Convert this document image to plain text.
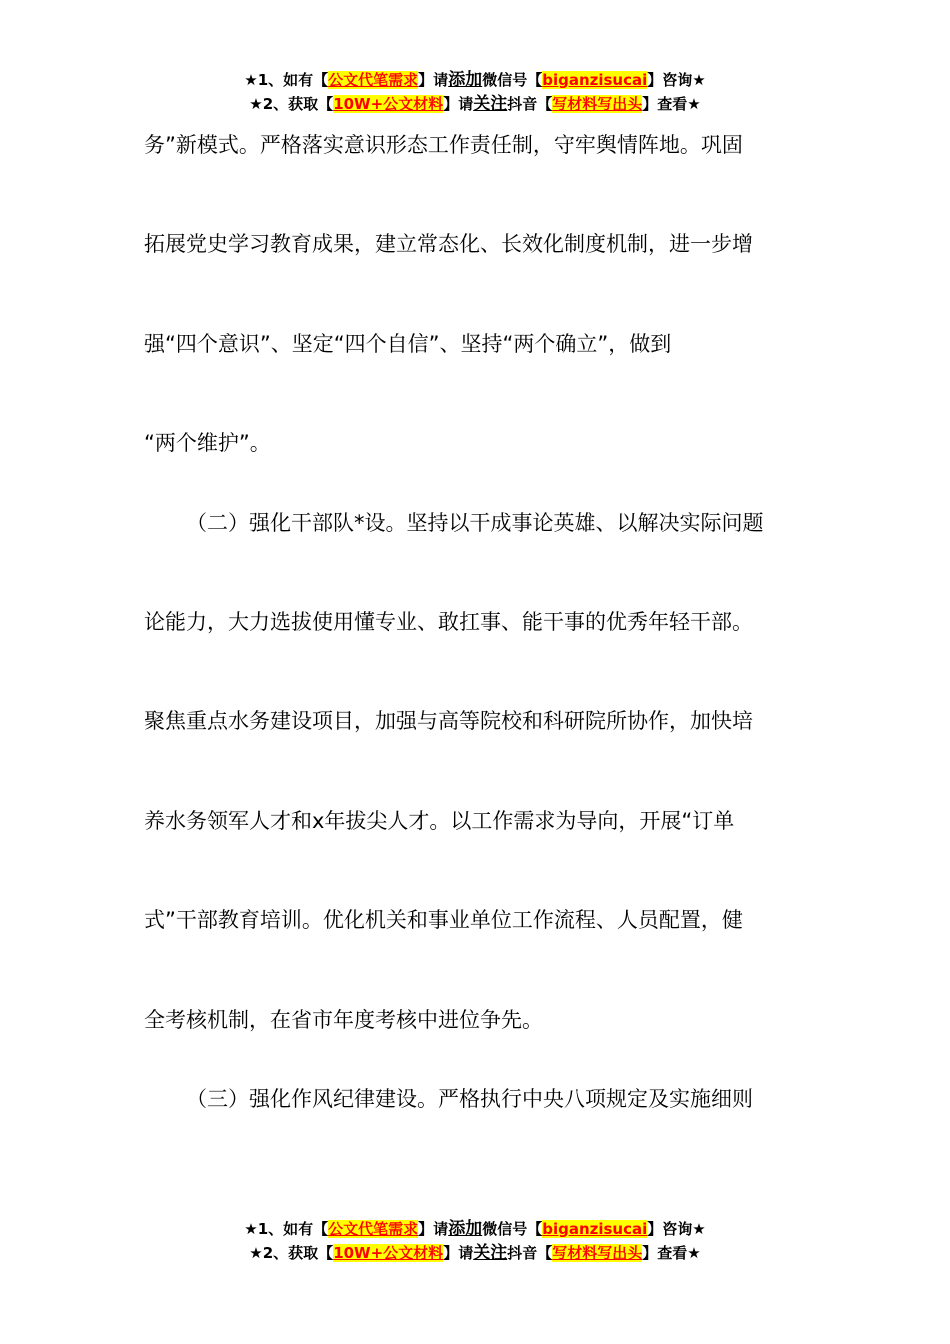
★1、如有【公文代笔需求】请添加微信号【biganzisucai】咨询★
★2、获取【10W+公文材料】请关注抖音【写材料写出头】查看★
务”新模式。严格落实意识形态工作责任制，守牢舆情阵地。巩固
拓展党史学习教育成果，建立常态化、长效化制度机制，进一步增
强“四个意识”、坚定“四个自信”、坚持“两个确立”，做到
“两个维护”。
（二）强化干部队*设。坚持以干成事论英雄、以解决实际问题
论能力，大力选拔使用懂专业、敢扛事、能干事的优秀年轻干部。
聚焦重点水务建设项目，加强与高等院校和科研院所协作，加快培
养水务领军人才和x年拔尖人才。以工作需求为导向，开展“订单
式”干部教育培训。优化机关和事业单位工作流程、人员配置，健
全考核机制，在省市年度考核中进位争先。
（三）强化作风纪律建设。严格执行中央八项规定及实施细则
★1、如有【公文代笔需求】请添加微信号【biganzisucai】咨询★
★2、获取【10W+公文材料】请关注抖音【写材料写出头】查看★
